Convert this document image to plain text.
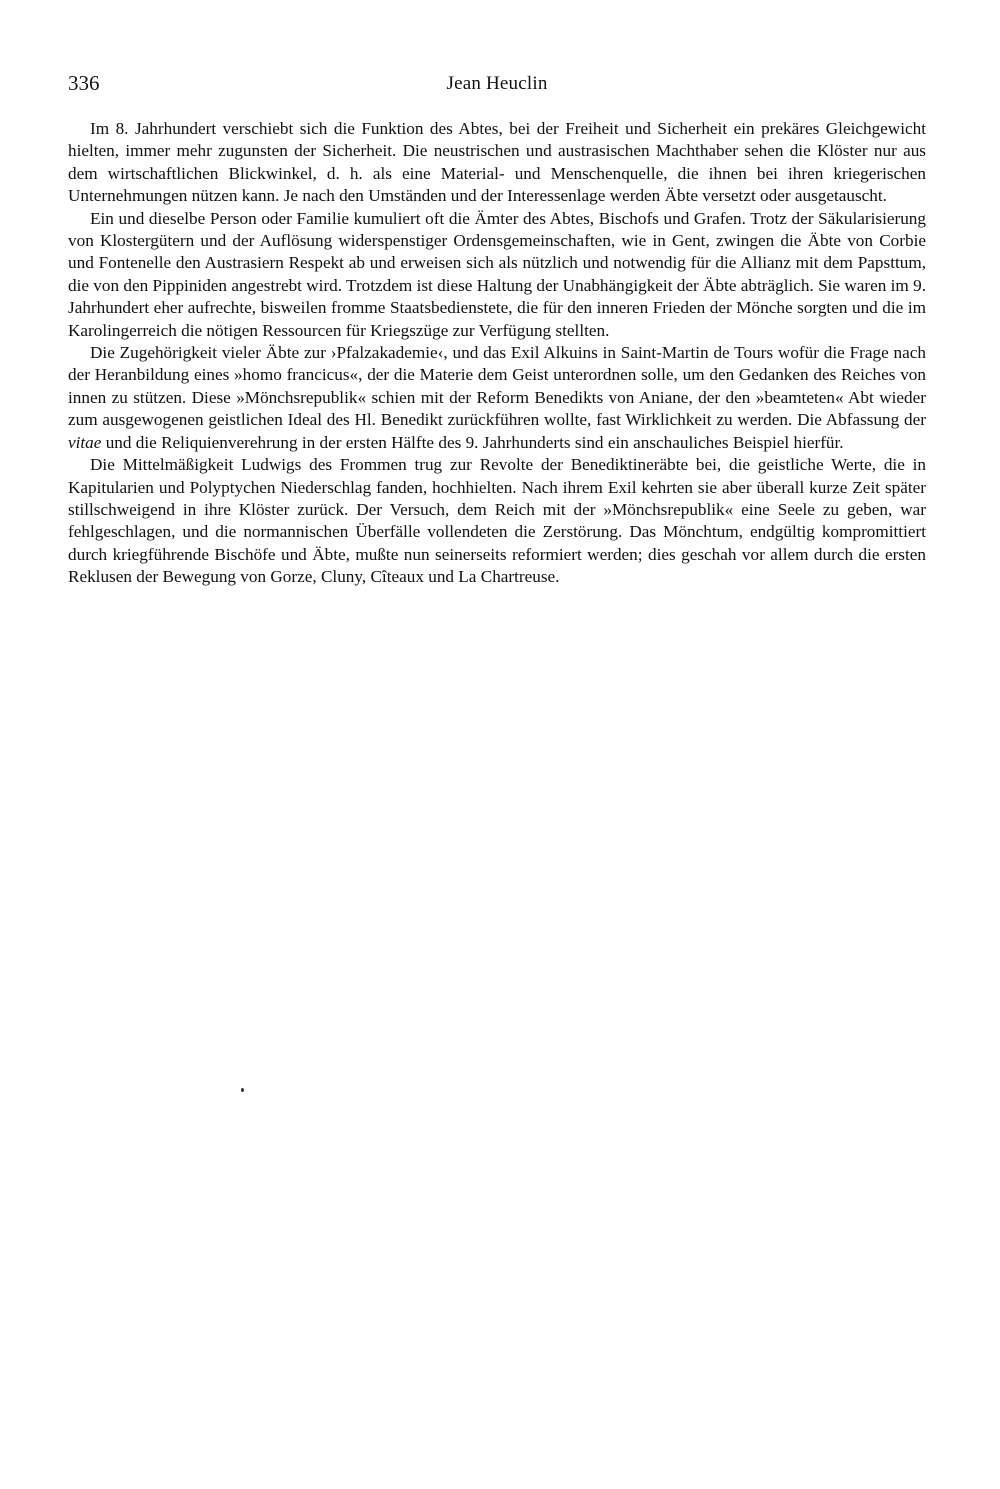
336	Jean Heuclin

Im 8. Jahrhundert verschiebt sich die Funktion des Abtes, bei der Freiheit und Sicherheit ein prekäres Gleichgewicht hielten, immer mehr zugunsten der Sicherheit. Die neustrischen und austrasischen Machthaber sehen die Klöster nur aus dem wirtschaftlichen Blickwinkel, d. h. als eine Material- und Menschenquelle, die ihnen bei ihren kriegerischen Unternehmungen nützen kann. Je nach den Umständen und der Interessenlage werden Äbte versetzt oder ausgetauscht.

Ein und dieselbe Person oder Familie kumuliert oft die Ämter des Abtes, Bischofs und Grafen. Trotz der Säkularisierung von Klostergütern und der Auflösung widerspenstiger Ordensgemeinschaften, wie in Gent, zwingen die Äbte von Corbie und Fontenelle den Austrasiern Respekt ab und erweisen sich als nützlich und notwendig für die Allianz mit dem Papsttum, die von den Pippiniden angestrebt wird. Trotzdem ist diese Haltung der Unabhängigkeit der Äbte abträglich. Sie waren im 9. Jahrhundert eher aufrechte, bisweilen fromme Staatsbedienstete, die für den inneren Frieden der Mönche sorgten und die im Karolingerreich die nötigen Ressourcen für Kriegszüge zur Verfügung stellten.

Die Zugehörigkeit vieler Äbte zur ›Pfalzakademie‹, und das Exil Alkuins in Saint-Martin de Tours wofür die Frage nach der Heranbildung eines »homo francicus«, der die Materie dem Geist unterordnen solle, um den Gedanken des Reiches von innen zu stützen. Diese »Mönchsrepublik« schien mit der Reform Benedikts von Aniane, der den »beamteten« Abt wieder zum ausgewogenen geistlichen Ideal des Hl. Benedikt zurückführen wollte, fast Wirklichkeit zu werden. Die Abfassung der vitae und die Reliquienverehrung in der ersten Hälfte des 9. Jahrhunderts sind ein anschauliches Beispiel hierfür.

Die Mittelmäßigkeit Ludwigs des Frommen trug zur Revolte der Benediktineräbte bei, die geistliche Werte, die in Kapitularien und Polyptychen Niederschlag fanden, hochhielten. Nach ihrem Exil kehrten sie aber überall kurze Zeit später stillschweigend in ihre Klöster zurück. Der Versuch, dem Reich mit der »Mönchsrepublik« eine Seele zu geben, war fehlgeschlagen, und die normannischen Überfälle vollendeten die Zerstörung. Das Mönchtum, endgültig kompromittiert durch kriegführende Bischöfe und Äbte, mußte nun seinerseits reformiert werden; dies geschah vor allem durch die ersten Reklusen der Bewegung von Gorze, Cluny, Cîteaux und La Chartreuse.
